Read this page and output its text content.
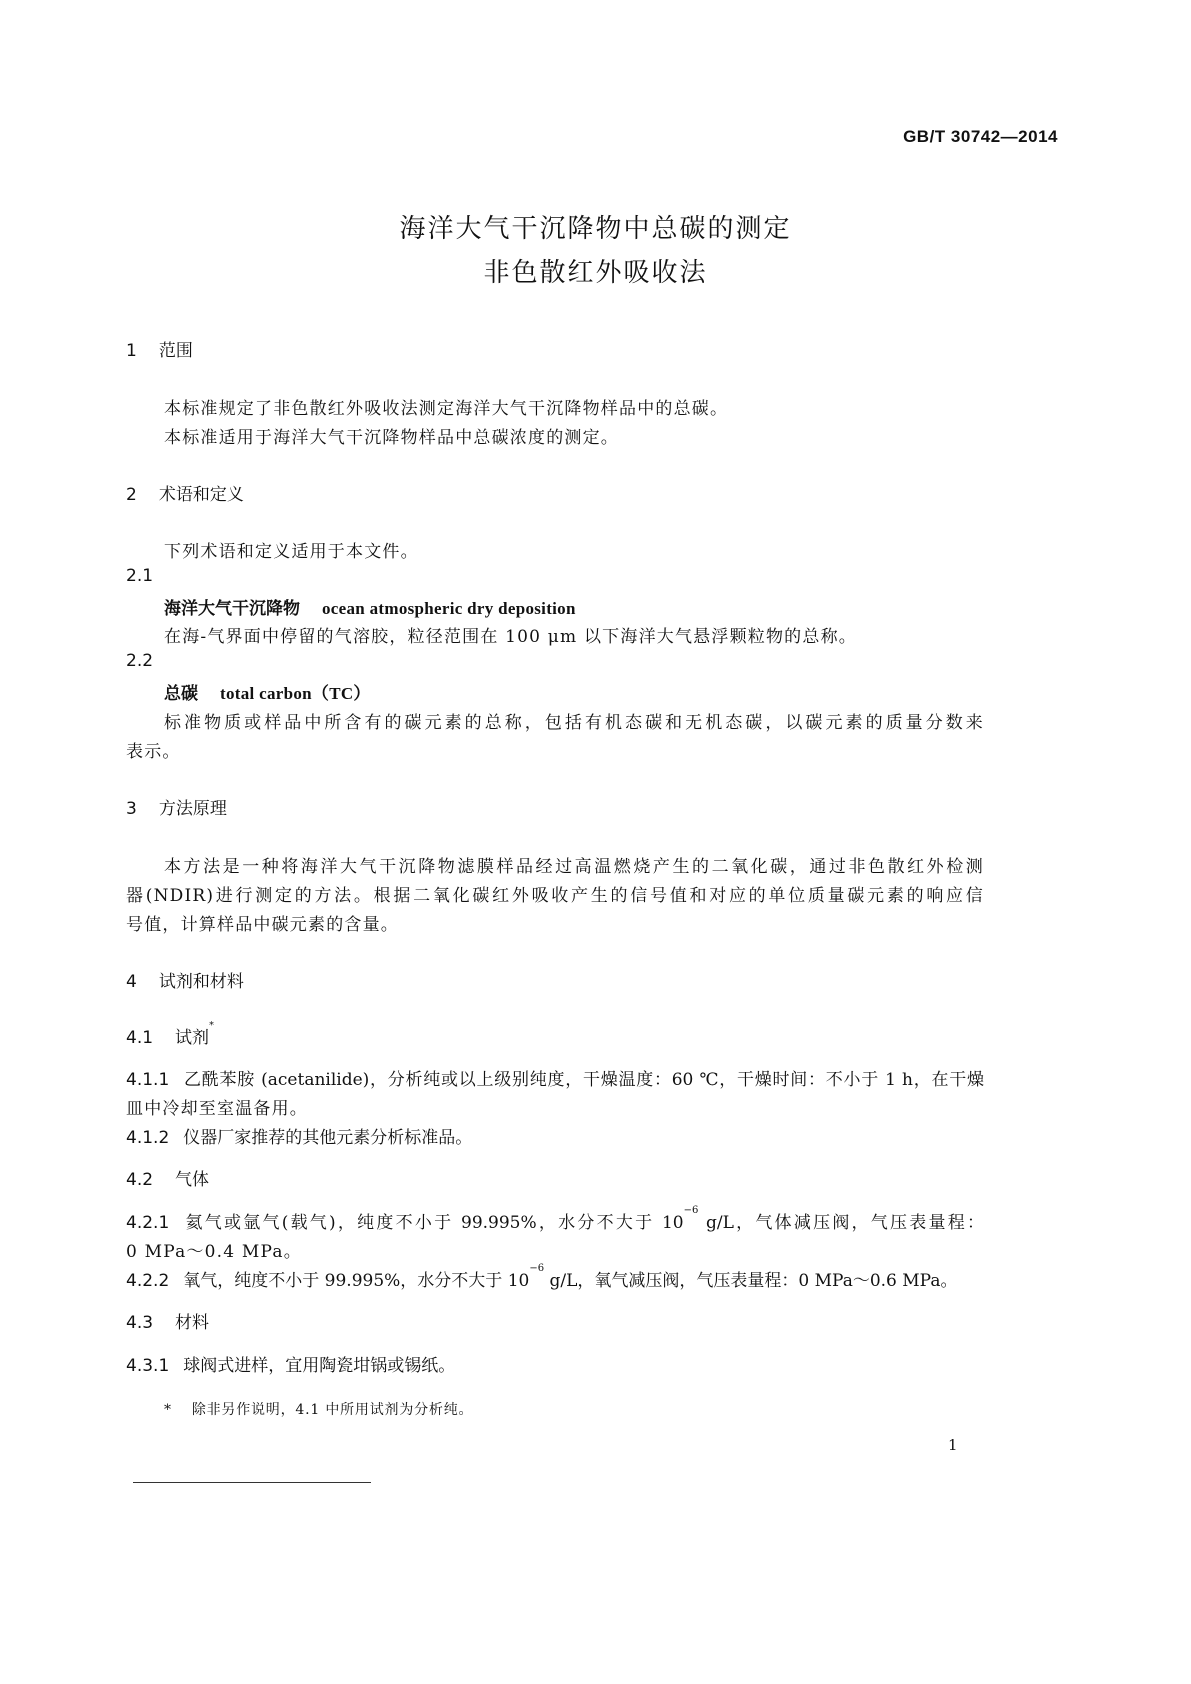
GB/T 30742—2014
海洋大气干沉降物中总碳的测定
非色散红外吸收法
1 范围
本标准规定了非色散红外吸收法测定海洋大气干沉降物样品中的总碳。
本标准适用于海洋大气干沉降物样品中总碳浓度的测定。
2 术语和定义
下列术语和定义适用于本文件。
2.1
海洋大气干沉降物 ocean atmospheric dry deposition
在海-气界面中停留的气溶胶，粒径范围在 100 μm 以下海洋大气悬浮颗粒物的总称。
2.2
总碳 total carbon（TC）
标准物质或样品中所含有的碳元素的总称，包括有机态碳和无机态碳，以碳元素的质量分数来
表示。
3 方法原理
本方法是一种将海洋大气干沉降物滤膜样品经过高温燃烧产生的二氧化碳，通过非色散红外检测
器(NDIR)进行测定的方法。根据二氧化碳红外吸收产生的信号值和对应的单位质量碳元素的响应信
号值，计算样品中碳元素的含量。
4 试剂和材料
4.1 试剂*
4.1.1 乙酰苯胺 (acetanilide)，分析纯或以上级别纯度，干燥温度：60 ℃，干燥时间：不小于 1 h，在干燥
皿中冷却至室温备用。
4.1.2 仪器厂家推荐的其他元素分析标准品。
4.2 气体
4.2.1 氦气或氩气(载气)，纯度不小于 99.995%，水分不大于 $10^{-6}$ g/L，气体减压阀，气压表量程：
0 MPa～0.4 MPa。
4.2.2 氧气，纯度不小于 99.995%，水分不大于 $10^{-6}$ g/L，氧气减压阀，气压表量程：0 MPa～0.6 MPa。
4.3 材料
4.3.1 球阀式进样，宜用陶瓷坩锅或锡纸。
* 除非另作说明，4.1 中所用试剂为分析纯。
1
